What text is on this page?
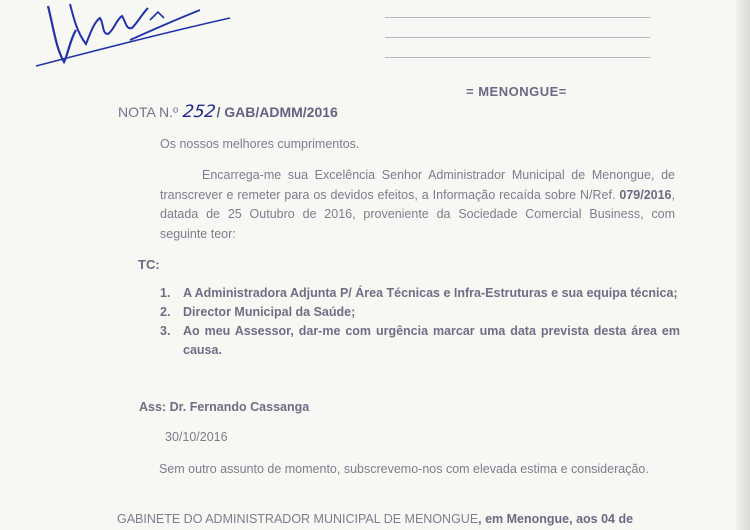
= MENONGUE=
NOTA N.º 252/ GAB/ADMM/2016
Os nossos melhores cumprimentos.
Encarrega-me sua Excelência Senhor Administrador Municipal de Menongue, de transcrever e remeter para os devidos efeitos, a Informação recaída sobre N/Ref. 079/2016, datada de 25 Outubro de 2016, proveniente da Sociedade Comercial Business, com seguinte teor:
TC:
1.	A Administradora Adjunta P/ Área Técnicas e Infra-Estruturas e sua equipa técnica;
2.	Director Municipal da Saúde;
3.	Ao meu Assessor, dar-me com urgência marcar uma data prevista desta área em causa.
Ass: Dr. Fernando Cassanga
30/10/2016
Sem outro assunto de momento, subscrevemo-nos com elevada estima e consideração.
GABINETE DO ADMINISTRADOR MUNICIPAL DE MENONGUE, em Menongue, aos 04 de
